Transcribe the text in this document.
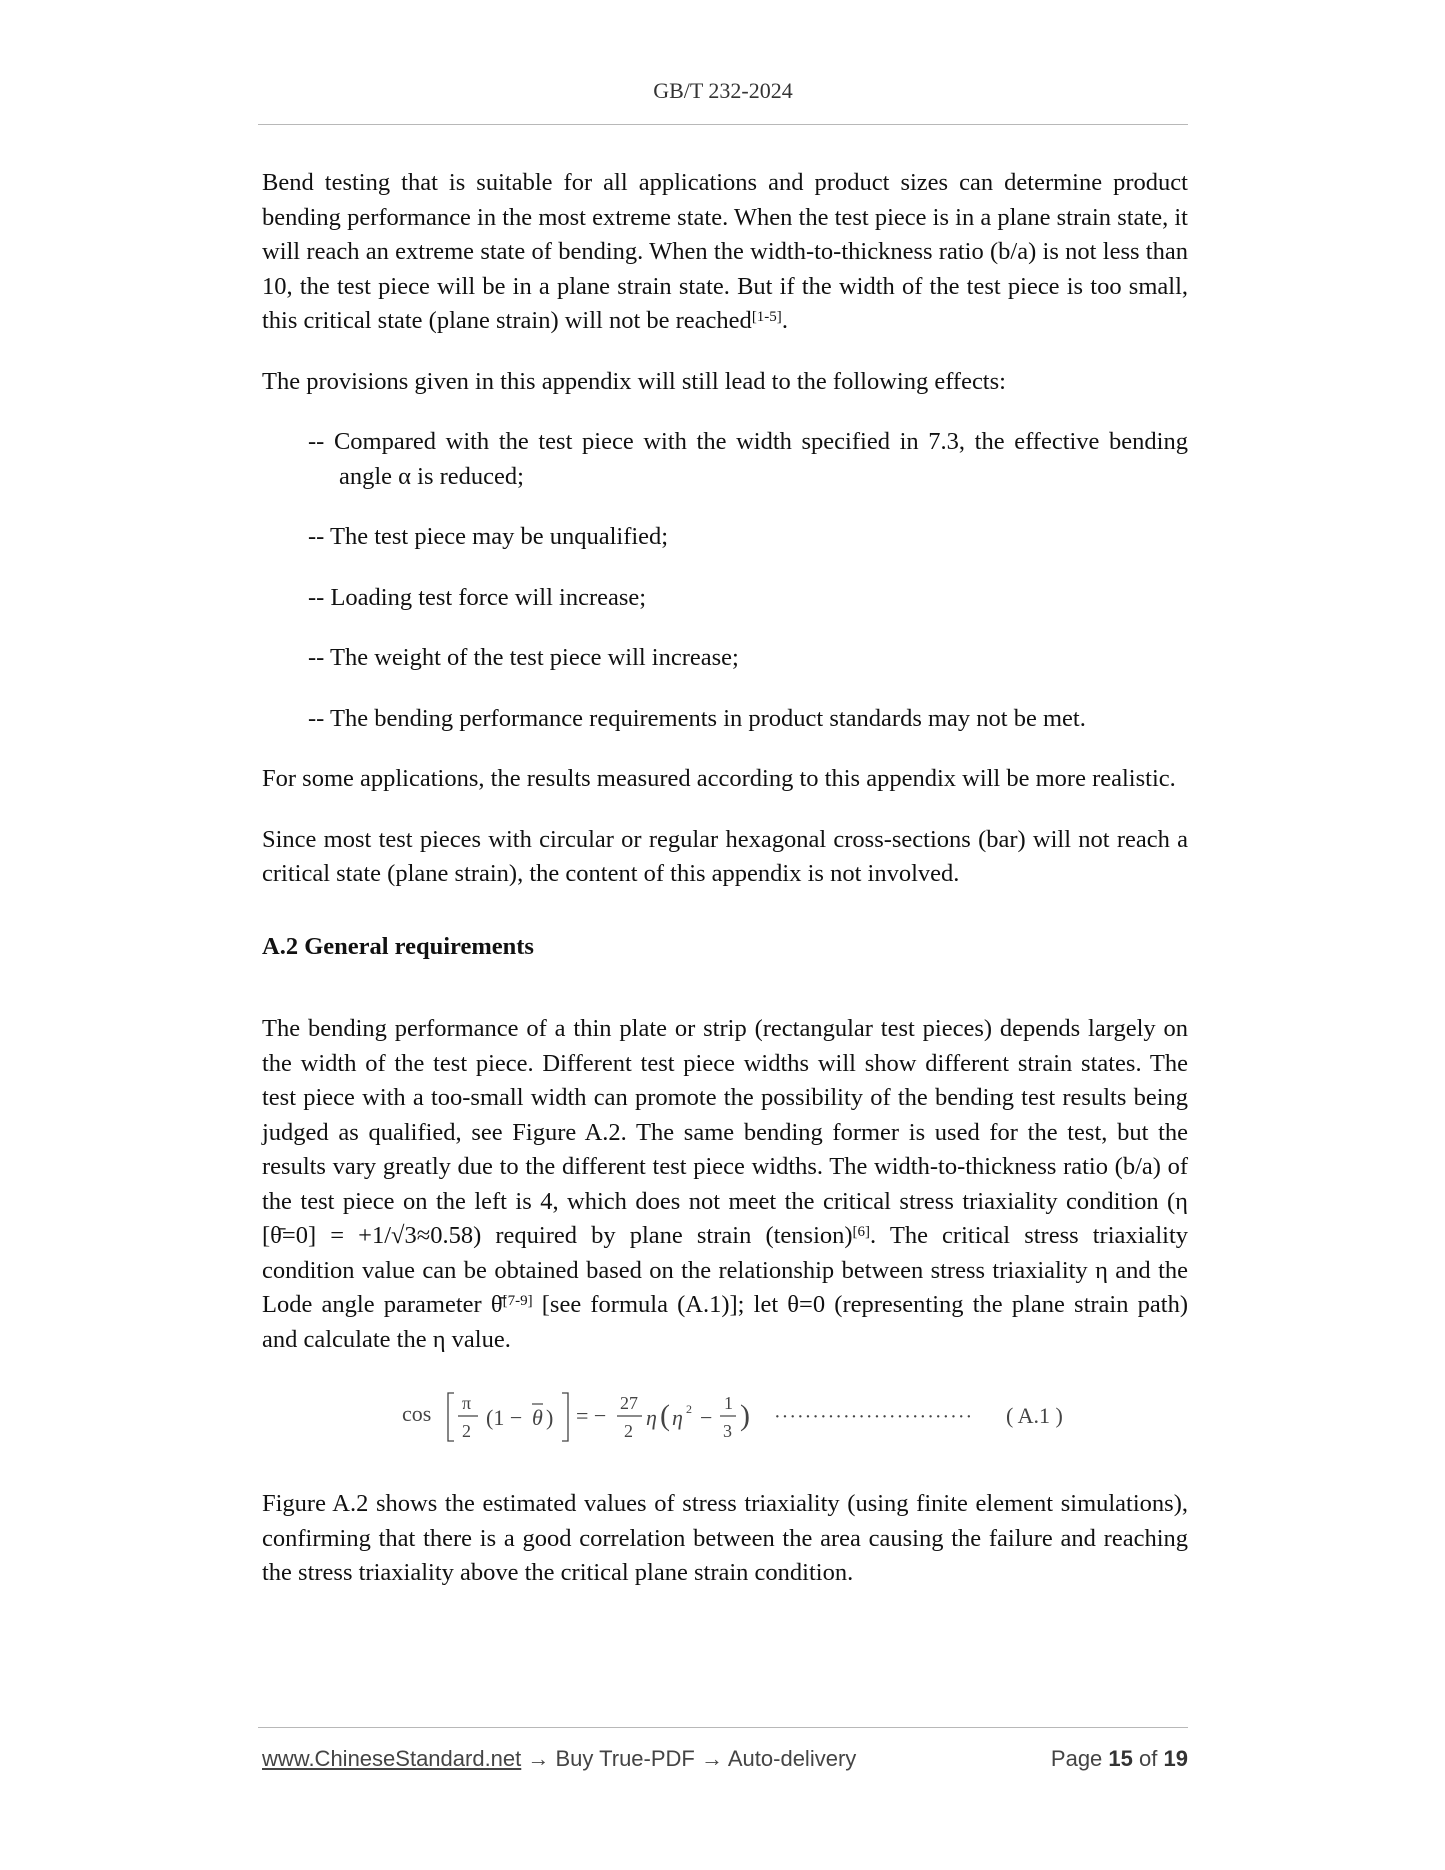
GB/T 232-2024

Bend testing that is suitable for all applications and product sizes can determine product bending performance in the most extreme state. When the test piece is in a plane strain state, it will reach an extreme state of bending. When the width-to-thickness ratio (b/a) is not less than 10, the test piece will be in a plane strain state. But if the width of the test piece is too small, this critical state (plane strain) will not be reached[1-5].

The provisions given in this appendix will still lead to the following effects:

-- Compared with the test piece with the width specified in 7.3, the effective bending angle α is reduced;
-- The test piece may be unqualified;
-- Loading test force will increase;
-- The weight of the test piece will increase;
-- The bending performance requirements in product standards may not be met.

For some applications, the results measured according to this appendix will be more realistic.

Since most test pieces with circular or regular hexagonal cross-sections (bar) will not reach a critical state (plane strain), the content of this appendix is not involved.

A.2 General requirements

The bending performance of a thin plate or strip (rectangular test pieces) depends largely on the width of the test piece. Different test piece widths will show different strain states. The test piece with a too-small width can promote the possibility of the bending test results being judged as qualified, see Figure A.2. The same bending former is used for the test, but the results vary greatly due to the different test piece widths. The width-to-thickness ratio (b/a) of the test piece on the left is 4, which does not meet the critical stress triaxiality condition (η [θ̄=0] = +1/√3≈0.58) required by plane strain (tension)[6]. The critical stress triaxiality condition value can be obtained based on the relationship between stress triaxiality η and the Lode angle parameter θ̄[7-9] [see formula (A.1)]; let θ=0 (representing the plane strain path) and calculate the η value.

cos π
2
(1 − θ ) = − 27
2
η ( η 2 −
1
3 ) ·························· ( A.1 )

Figure A.2 shows the estimated values of stress triaxiality (using finite element simulations), confirming that there is a good correlation between the area causing the failure and reaching the stress triaxiality above the critical plane strain condition.

www.ChineseStandard.net → Buy True-PDF → Auto-delivery	Page 15 of 19
